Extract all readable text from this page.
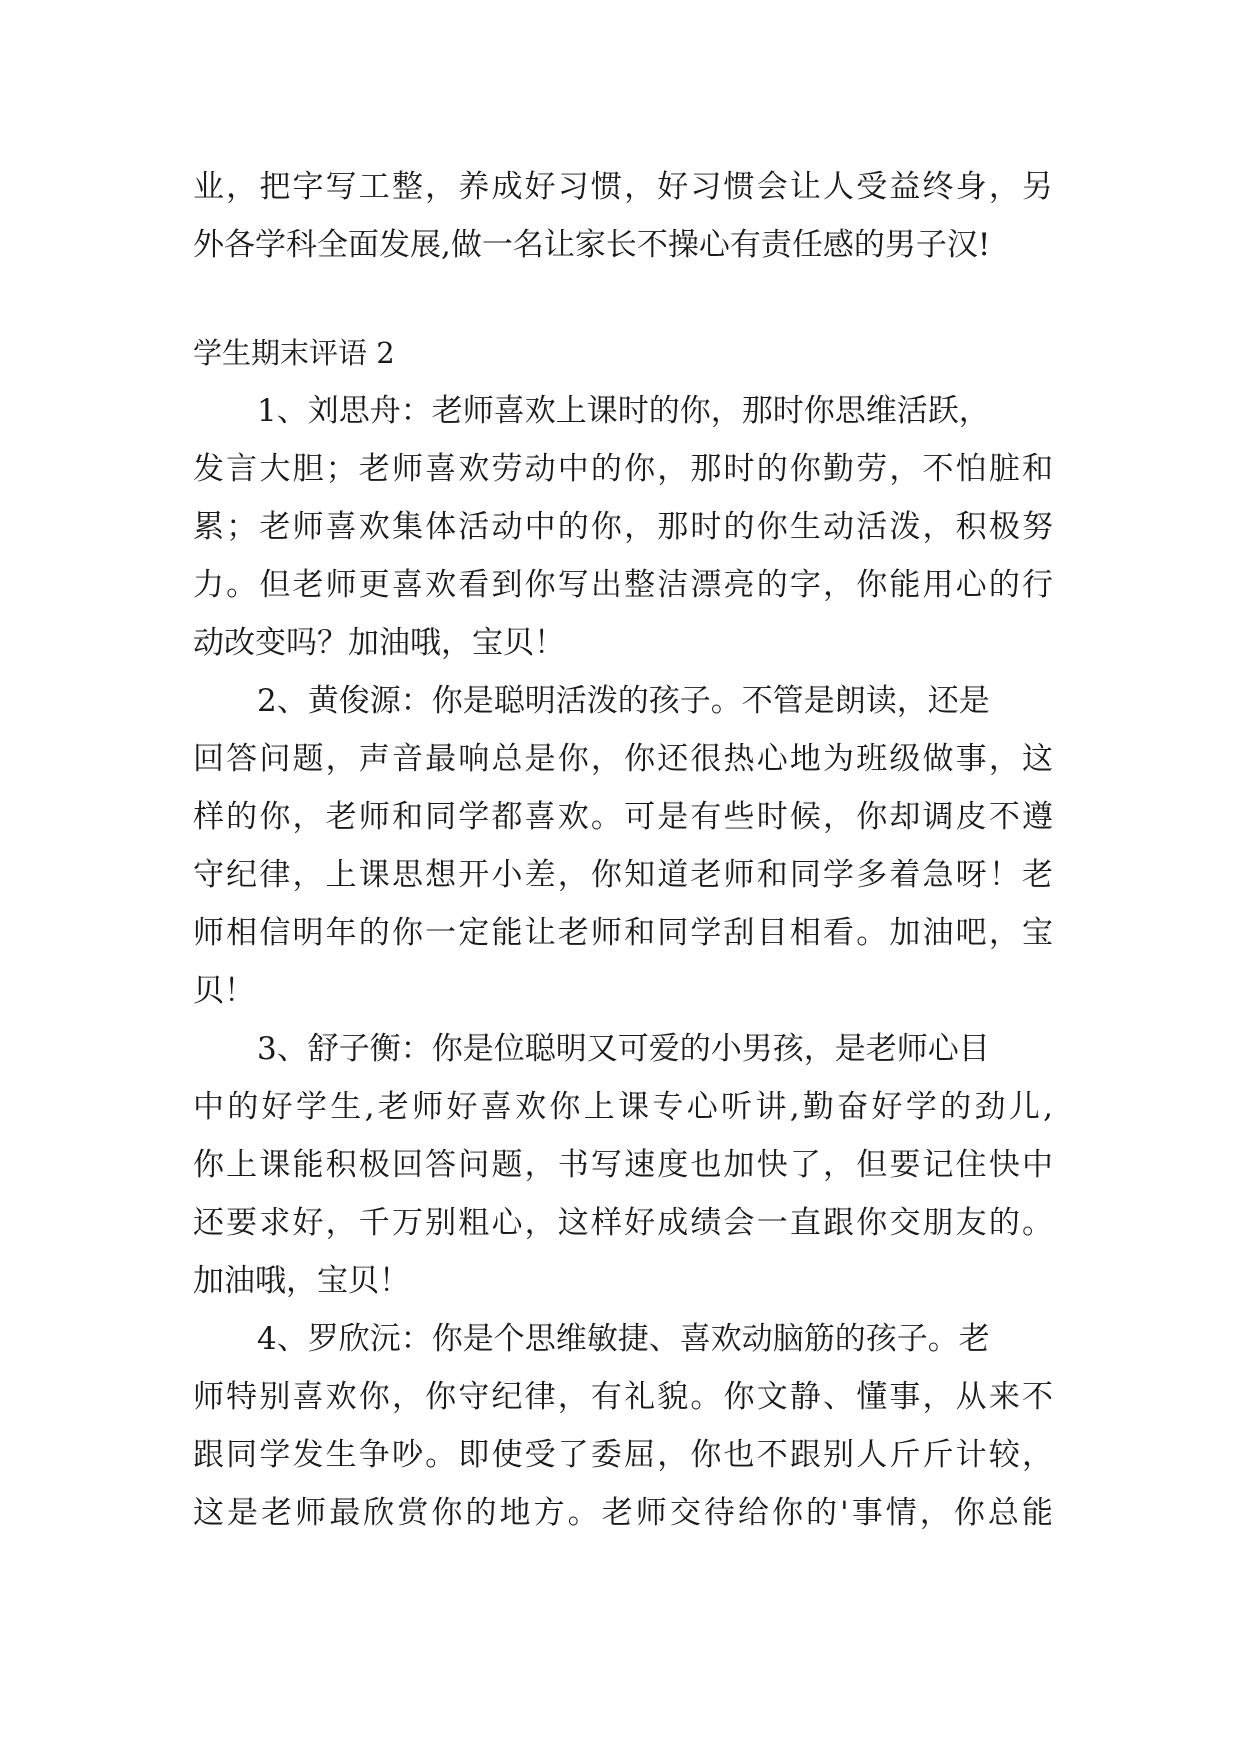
业，把字写工整，养成好习惯，好习惯会让人受益终身，另
外各学科全面发展,做一名让家长不操心有责任感的男子汉!
学生期末评语 2
1、刘思舟：老师喜欢上课时的你，那时你思维活跃，
发言大胆；老师喜欢劳动中的你，那时的你勤劳，不怕脏和
累；老师喜欢集体活动中的你，那时的你生动活泼，积极努
力。但老师更喜欢看到你写出整洁漂亮的字，你能用心的行
动改变吗？加油哦，宝贝！
2、黄俊源：你是聪明活泼的孩子。不管是朗读，还是
回答问题，声音最响总是你，你还很热心地为班级做事，这
样的你，老师和同学都喜欢。可是有些时候，你却调皮不遵
守纪律，上课思想开小差，你知道老师和同学多着急呀！老
师相信明年的你一定能让老师和同学刮目相看。加油吧，宝
贝！
3、舒子衡：你是位聪明又可爱的小男孩，是老师心目
中的好学生,老师好喜欢你上课专心听讲,勤奋好学的劲儿,
你上课能积极回答问题，书写速度也加快了，但要记住快中
还要求好，千万别粗心，这样好成绩会一直跟你交朋友的。
加油哦，宝贝！
4、罗欣沅：你是个思维敏捷、喜欢动脑筋的孩子。老
师特别喜欢你，你守纪律，有礼貌。你文静、懂事，从来不
跟同学发生争吵。即使受了委屈，你也不跟别人斤斤计较，
这是老师最欣赏你的地方。老师交待给你的'事情，你总能
